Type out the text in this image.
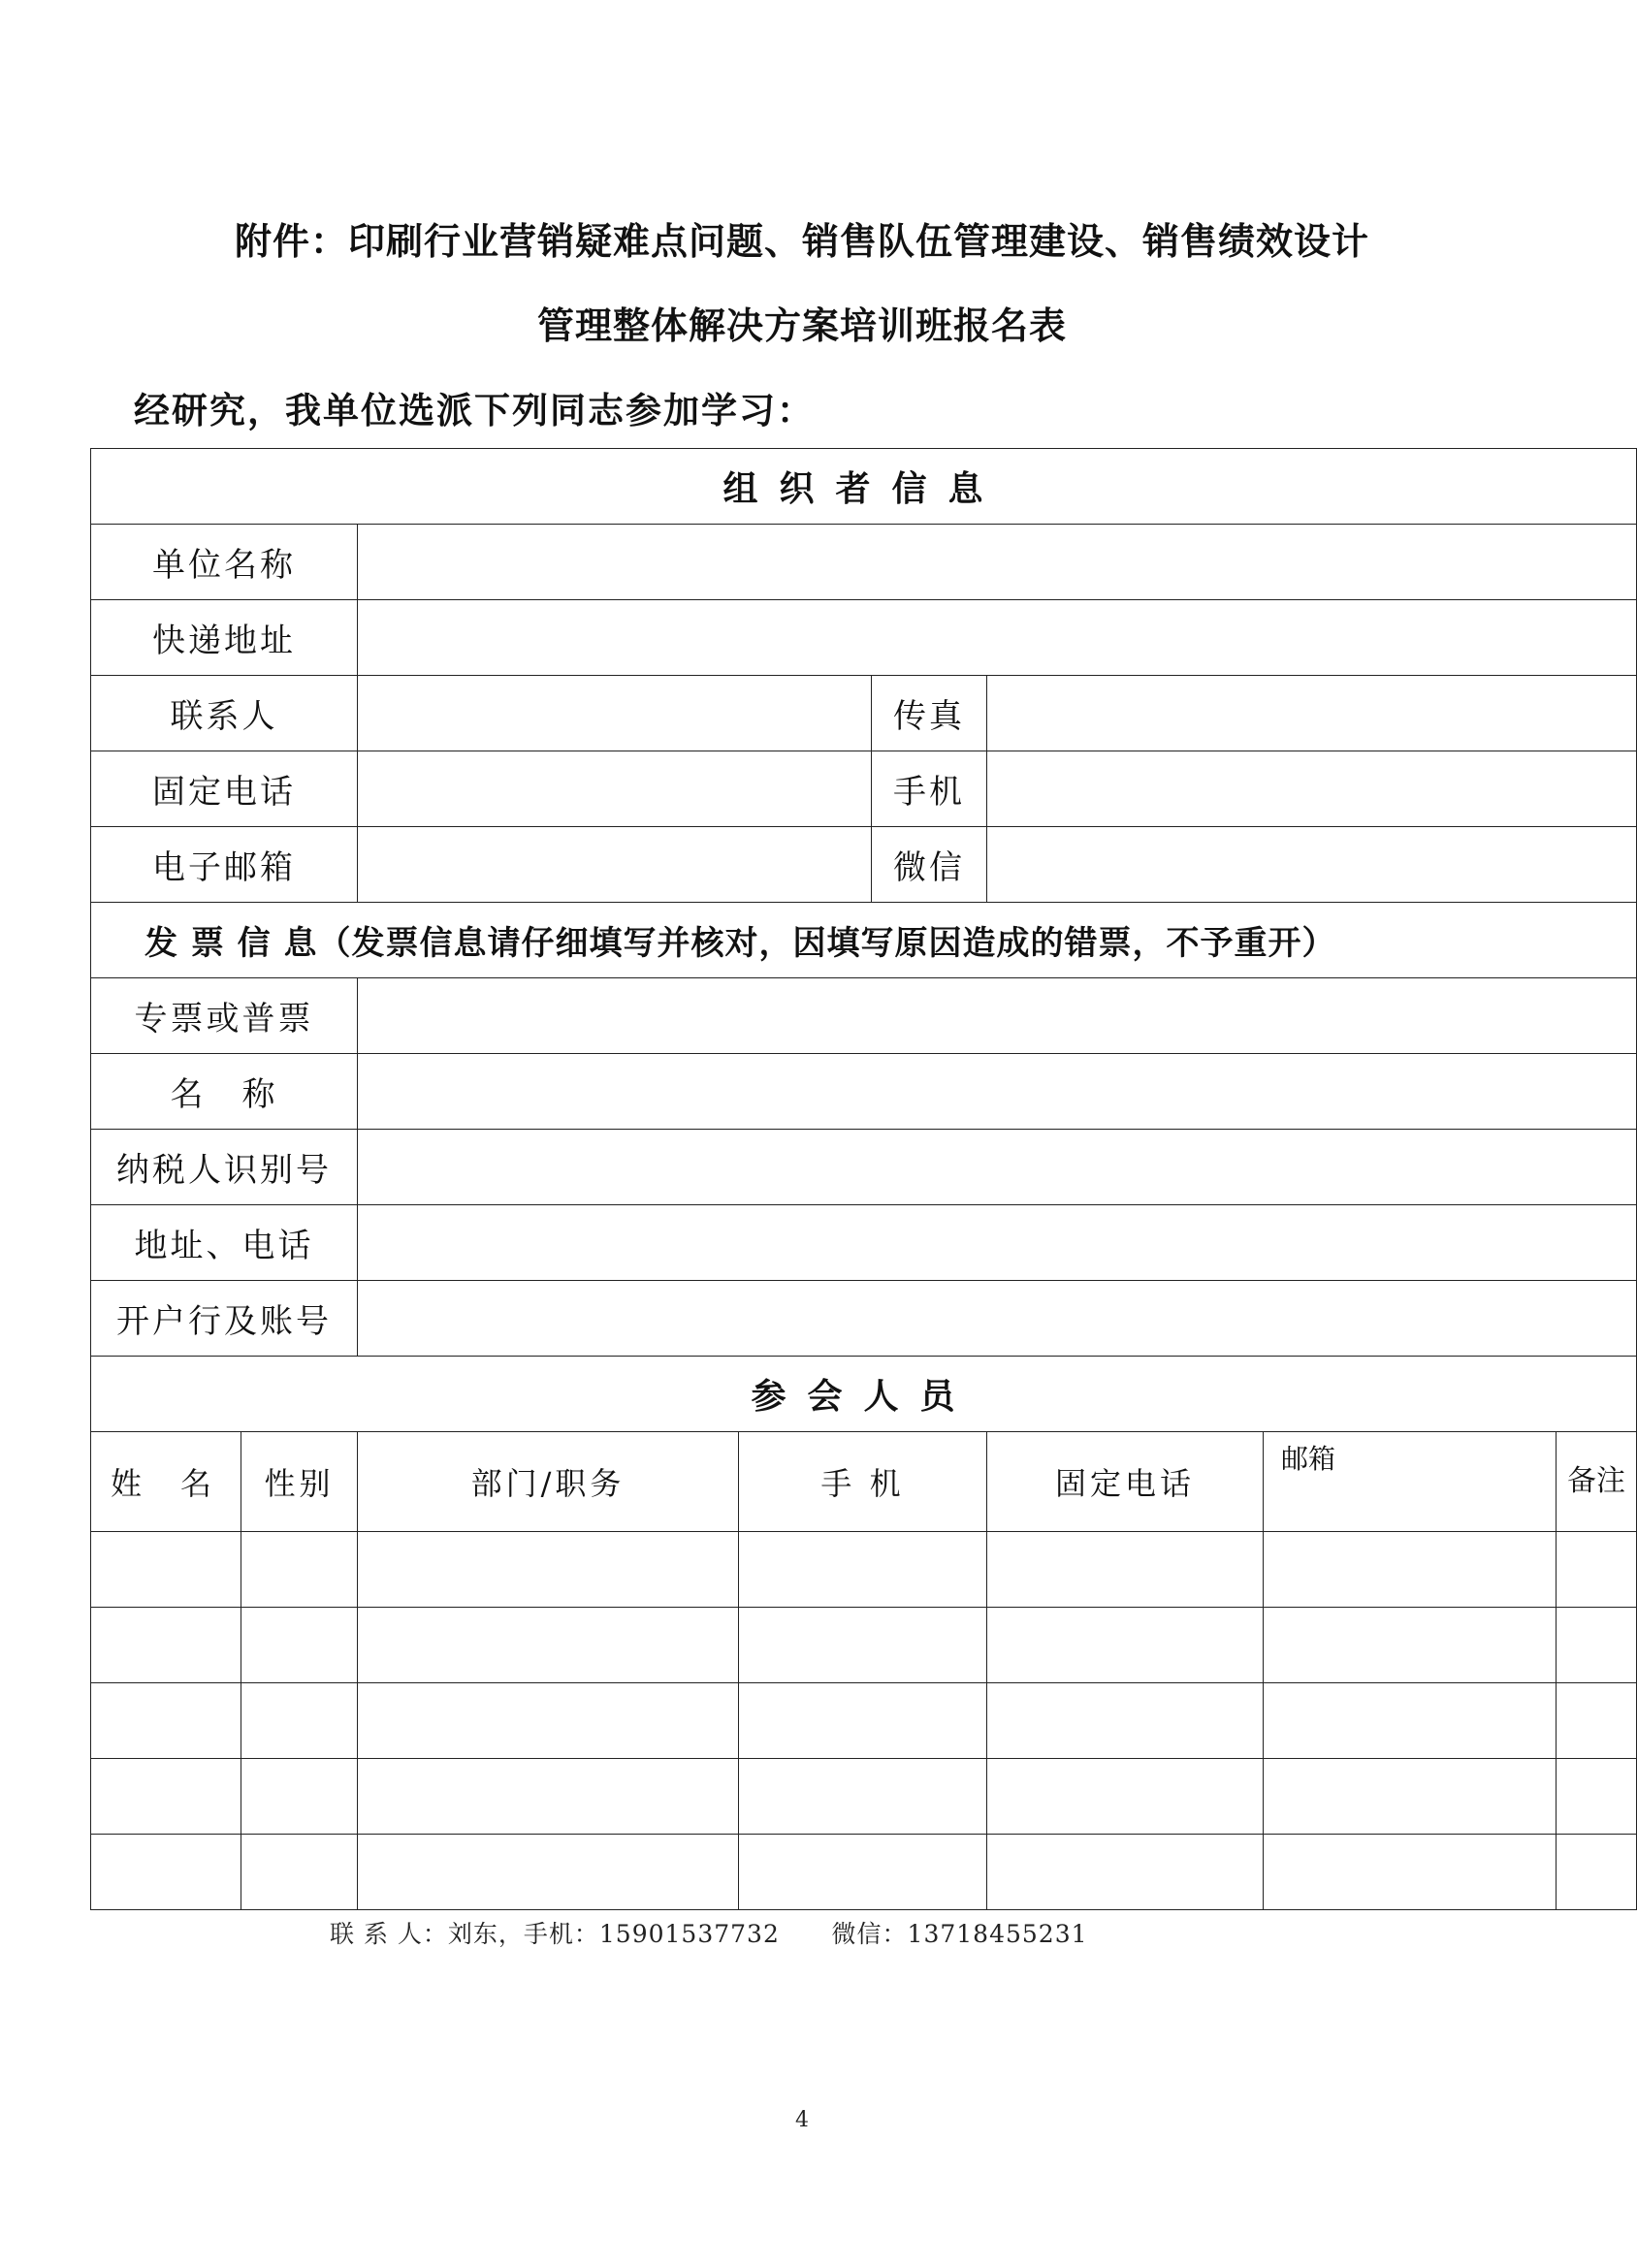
附件：印刷行业营销疑难点问题、销售队伍管理建设、销售绩效设计
管理整体解决方案培训班报名表
经研究，我单位选派下列同志参加学习：
组织者信息							
单位名称							
快递地址							
联系人				传真			
固定电话				手机			
电子邮箱				微信			
发 票 信 息（发票信息请仔细填写并核对，因填写原因造成的错票，不予重开）							
专票或普票							
名　称							
纳税人识别号							
地址、电话							
开户行及账号							
参会人员							
姓　名	性别	部门/职务	手 机		固定电话	邮箱	备注

联 系 人：刘东，手机：15901537732 微信：13718455231
4
